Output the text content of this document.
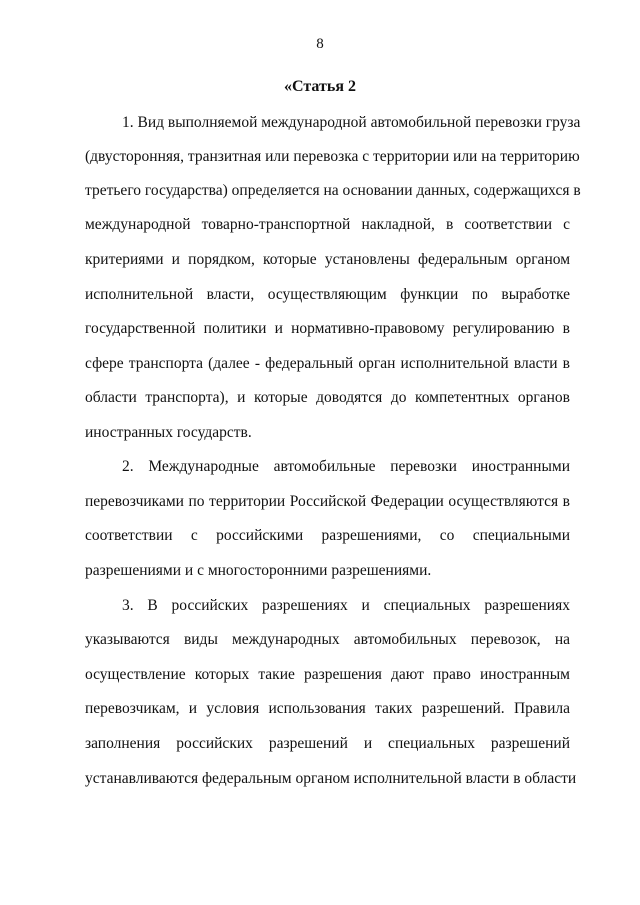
8
«Статья 2
1. Вид выполняемой международной автомобильной перевозки груза
(двусторонняя, транзитная или перевозка с территории или на территорию
третьего государства) определяется на основании данных, содержащихся в
международной товарно-транспортной накладной, в соответствии с
критериями и порядком, которые установлены федеральным органом
исполнительной власти, осуществляющим функции по выработке
государственной политики и нормативно-правовому регулированию в
сфере транспорта (далее - федеральный орган исполнительной власти в
области транспорта), и которые доводятся до компетентных органов
иностранных государств.
2. Международные автомобильные перевозки иностранными
перевозчиками по территории Российской Федерации осуществляются в
соответствии с российскими разрешениями, со специальными
разрешениями и с многосторонними разрешениями.
3. В российских разрешениях и специальных разрешениях
указываются виды международных автомобильных перевозок, на
осуществление которых такие разрешения дают право иностранным
перевозчикам, и условия использования таких разрешений. Правила
заполнения российских разрешений и специальных разрешений
устанавливаются федеральным органом исполнительной власти в области
